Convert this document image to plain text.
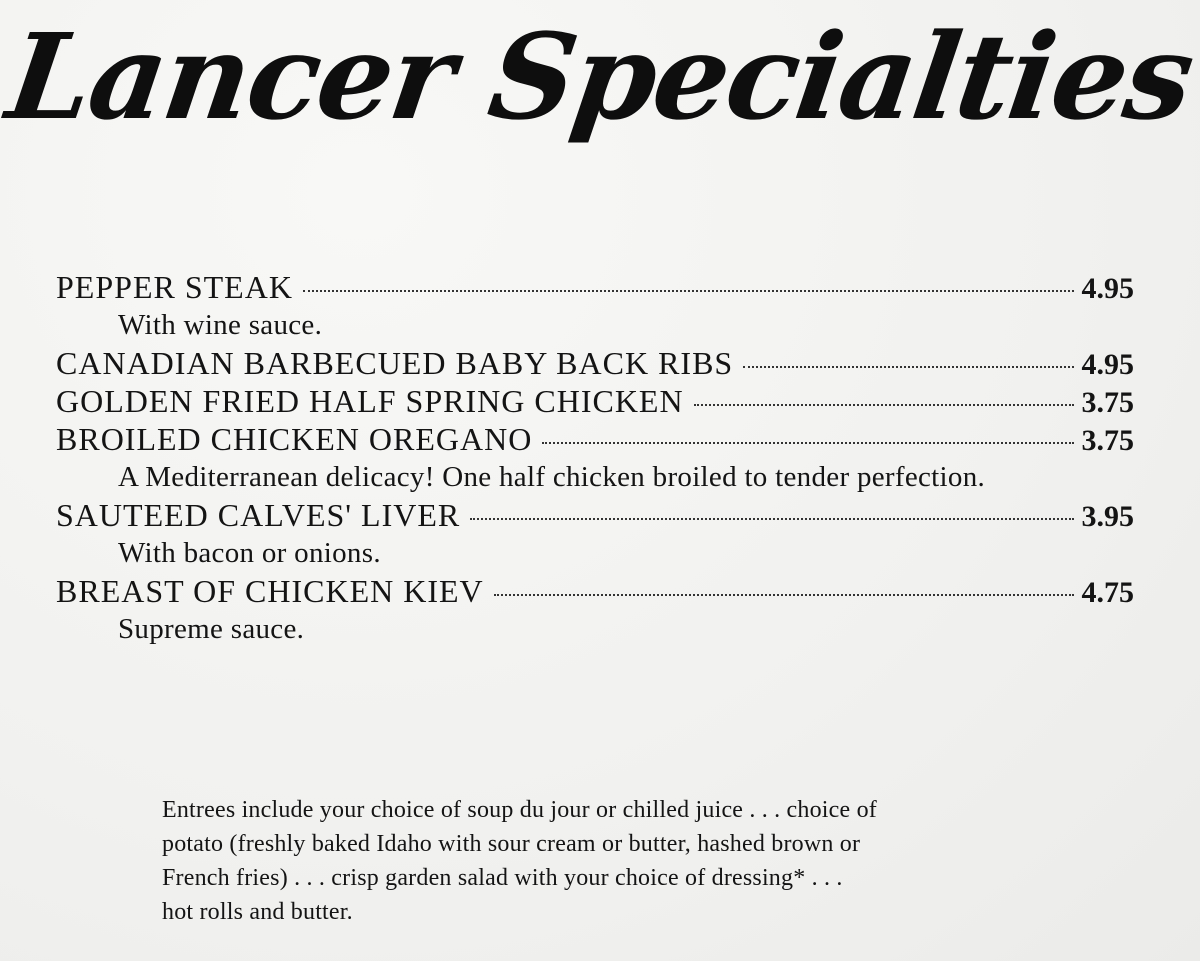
Lancer Specialties
PEPPER STEAK	4.95
With wine sauce.
CANADIAN BARBECUED BABY BACK RIBS	4.95
GOLDEN FRIED HALF SPRING CHICKEN	3.75
BROILED CHICKEN OREGANO	3.75
A Mediterranean delicacy! One half chicken broiled to tender perfection.
SAUTEED CALVES' LIVER	3.95
With bacon or onions.
BREAST OF CHICKEN KIEV	4.75
Supreme sauce.
Entrees include your choice of soup du jour or chilled juice . . . choice of
potato (freshly baked Idaho with sour cream or butter, hashed brown or
French fries) . . . crisp garden salad with your choice of dressing* . . .
hot rolls and butter.
